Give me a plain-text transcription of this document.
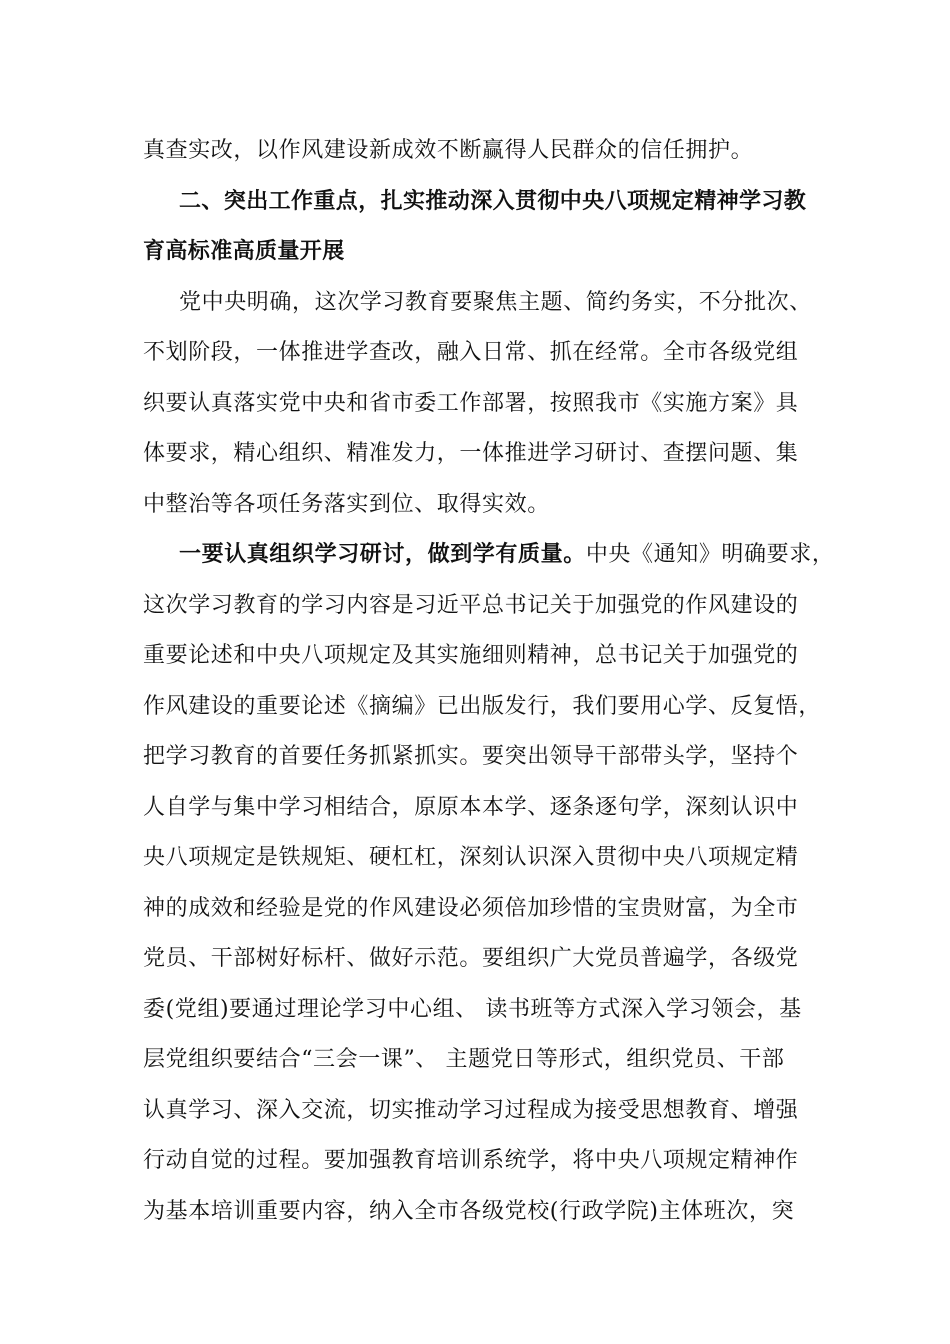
真查实改，以作风建设新成效不断赢得人民群众的信任拥护。
二、突出工作重点，扎实推动深入贯彻中央八项规定精神学习教
育高标准高质量开展
党中央明确，这次学习教育要聚焦主题、简约务实，不分批次、
不划阶段，一体推进学查改，融入日常、抓在经常。全市各级党组
织要认真落实党中央和省市委工作部署，按照我市《实施方案》具
体要求，精心组织、精准发力，一体推进学习研讨、查摆问题、集
中整治等各项任务落实到位、取得实效。
一要认真组织学习研讨，做到学有质量。中央《通知》明确要求，
这次学习教育的学习内容是习近平总书记关于加强党的作风建设的
重要论述和中央八项规定及其实施细则精神，总书记关于加强党的
作风建设的重要论述《摘编》已出版发行，我们要用心学、反复悟，
把学习教育的首要任务抓紧抓实。要突出领导干部带头学，坚持个
人自学与集中学习相结合，原原本本学、逐条逐句学，深刻认识中
央八项规定是铁规矩、硬杠杠，深刻认识深入贯彻中央八项规定精
神的成效和经验是党的作风建设必须倍加珍惜的宝贵财富，为全市
党员、干部树好标杆、做好示范。要组织广大党员普遍学，各级党
委(党组)要通过理论学习中心组、 读书班等方式深入学习领会，基
层党组织要结合“三会一课”、 主题党日等形式，组织党员、干部
认真学习、深入交流，切实推动学习过程成为接受思想教育、增强
行动自觉的过程。要加强教育培训系统学，将中央八项规定精神作
为基本培训重要内容，纳入全市各级党校(行政学院)主体班次，突
